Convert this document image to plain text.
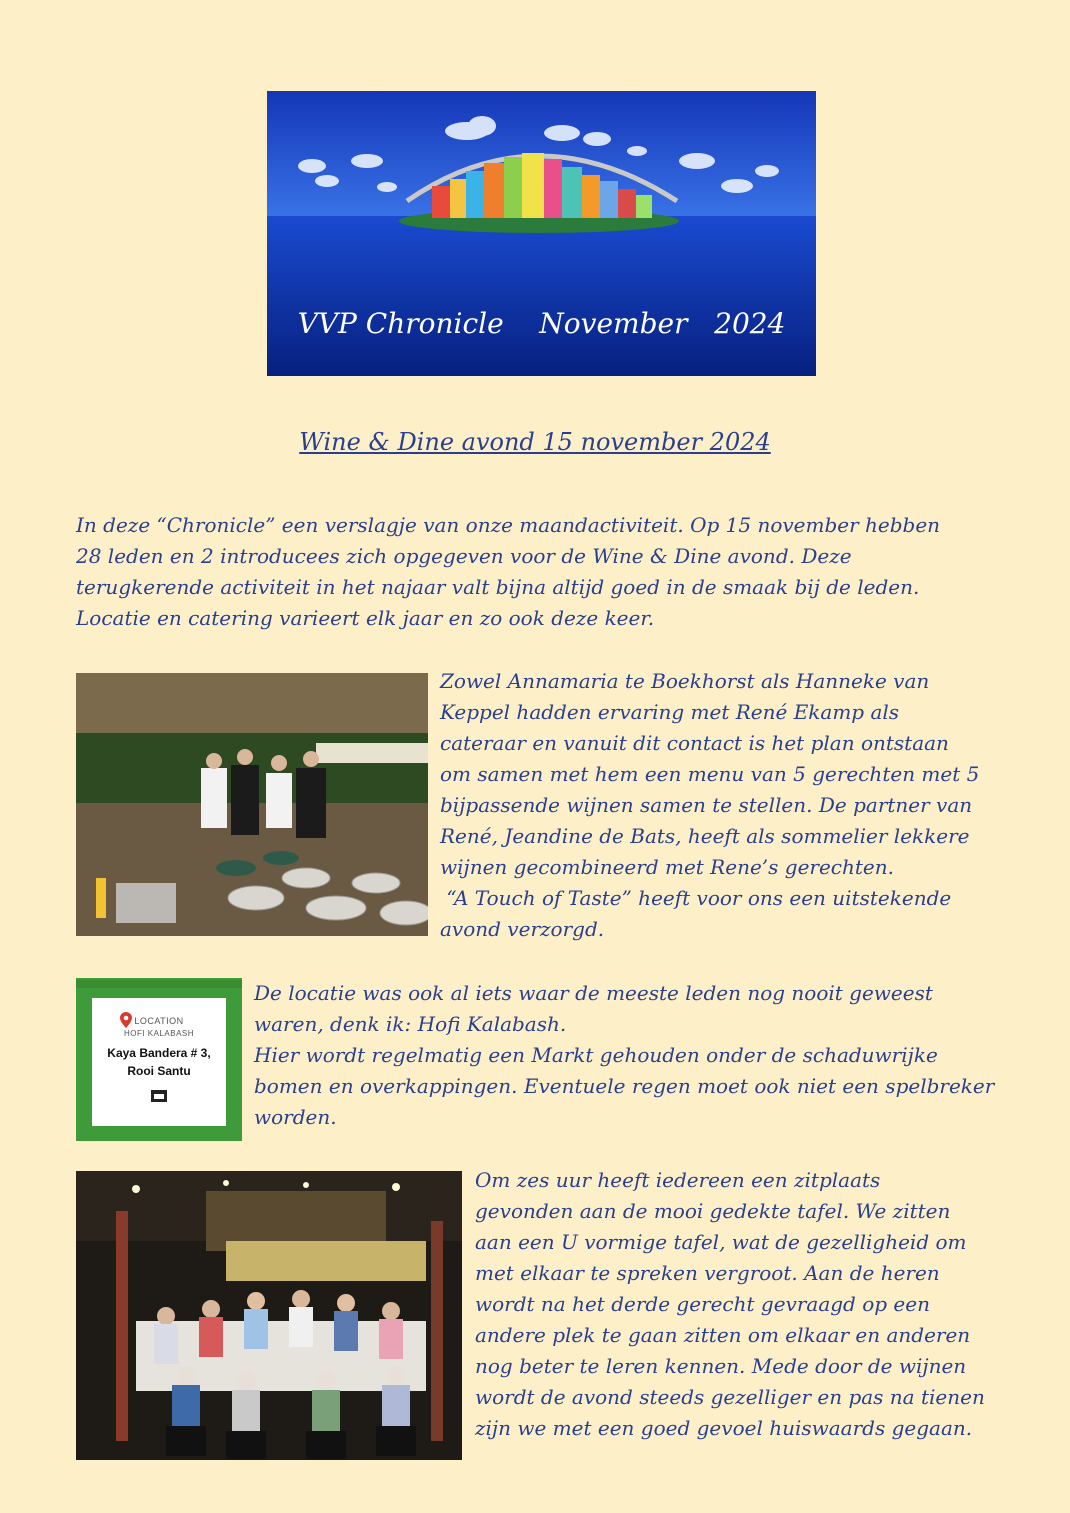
VVP Chronicle    November   2024
Wine & Dine avond 15 november 2024

In deze “Chronicle” een verslagje van onze maandactiviteit. Op 15 november hebben
28 leden en 2 introducees zich opgegeven voor de Wine & Dine avond. Deze
terugkerende activiteit in het najaar valt bijna altijd goed in de smaak bij de leden.
Locatie en catering varieert elk jaar en zo ook deze keer.

Zowel Annamaria te Boekhorst als Hanneke van
Keppel hadden ervaring met René Ekamp als
cateraar en vanuit dit contact is het plan ontstaan
om samen met hem een menu van 5 gerechten met 5
bijpassende wijnen samen te stellen. De partner van
René, Jeandine de Bats, heeft als sommelier lekkere
wijnen gecombineerd met Rene’s gerechten.
“A Touch of Taste” heeft voor ons een uitstekende
avond verzorgd.

LOCATION
HOFI KALABASH
Kaya Bandera # 3,
Rooi Santu

De locatie was ook al iets waar de meeste leden nog nooit geweest
waren, denk ik: Hofi Kalabash.
Hier wordt regelmatig een Markt gehouden onder de schaduwrijke
bomen en overkappingen. Eventuele regen moet ook niet een spelbreker
worden.

Om zes uur heeft iedereen een zitplaats
gevonden aan de mooi gedekte tafel. We zitten
aan een U vormige tafel, wat de gezelligheid om
met elkaar te spreken vergroot. Aan de heren
wordt na het derde gerecht gevraagd op een
andere plek te gaan zitten om elkaar en anderen
nog beter te leren kennen. Mede door de wijnen
wordt de avond steeds gezelliger en pas na tienen
zijn we met een goed gevoel huiswaards gegaan.
